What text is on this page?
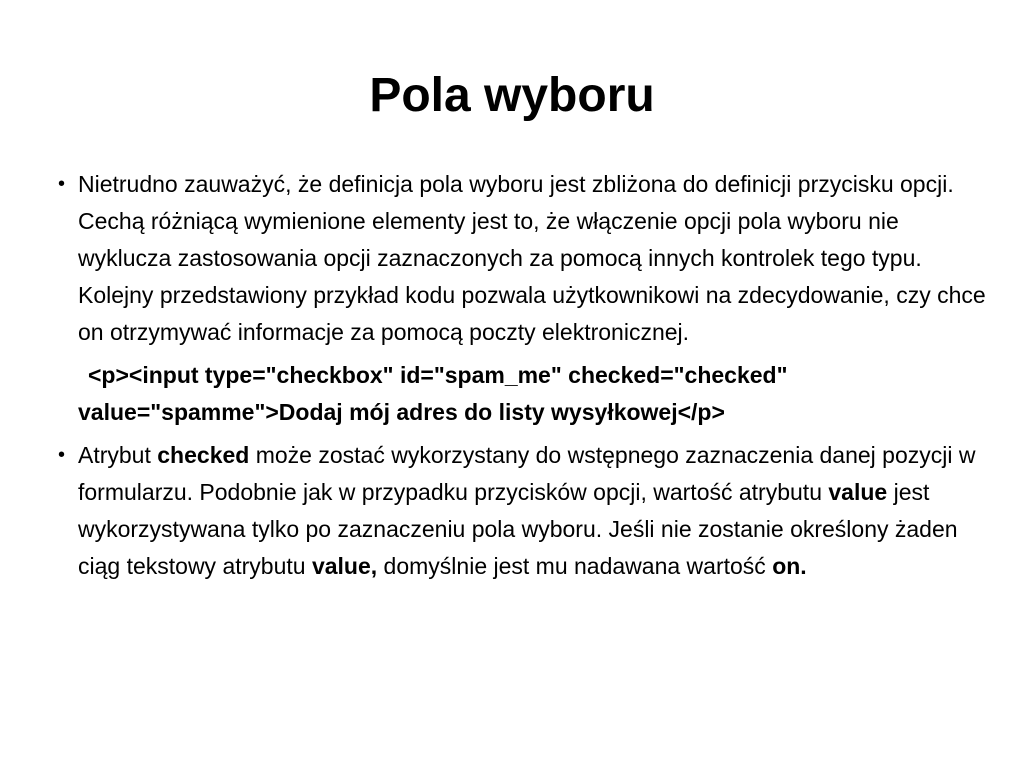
Pola wyboru
• Nietrudno zauważyć, że definicja pola wyboru jest zbliżona do definicji przycisku opcji. Cechą różniącą wymienione elementy jest to, że włączenie opcji pola wyboru nie wyklucza zastosowania opcji zaznaczonych za pomocą innych kontrolek tego typu. Kolejny przedstawiony przykład kodu pozwala użytkownikowi na zdecydowanie, czy chce on otrzymywać informacje za pomocą poczty elektronicznej.
<p><input type="checkbox" id="spam_me" checked="checked" value="spamme">Dodaj mój adres do listy wysyłkowej</p>
• Atrybut checked może zostać wykorzystany do wstępnego zaznaczenia danej pozycji w formularzu. Podobnie jak w przypadku przycisków opcji, wartość atrybutu value jest wykorzystywana tylko po zaznaczeniu pola wyboru. Jeśli nie zostanie określony żaden ciąg tekstowy atrybutu value, domyślnie jest mu nadawana wartość on.
